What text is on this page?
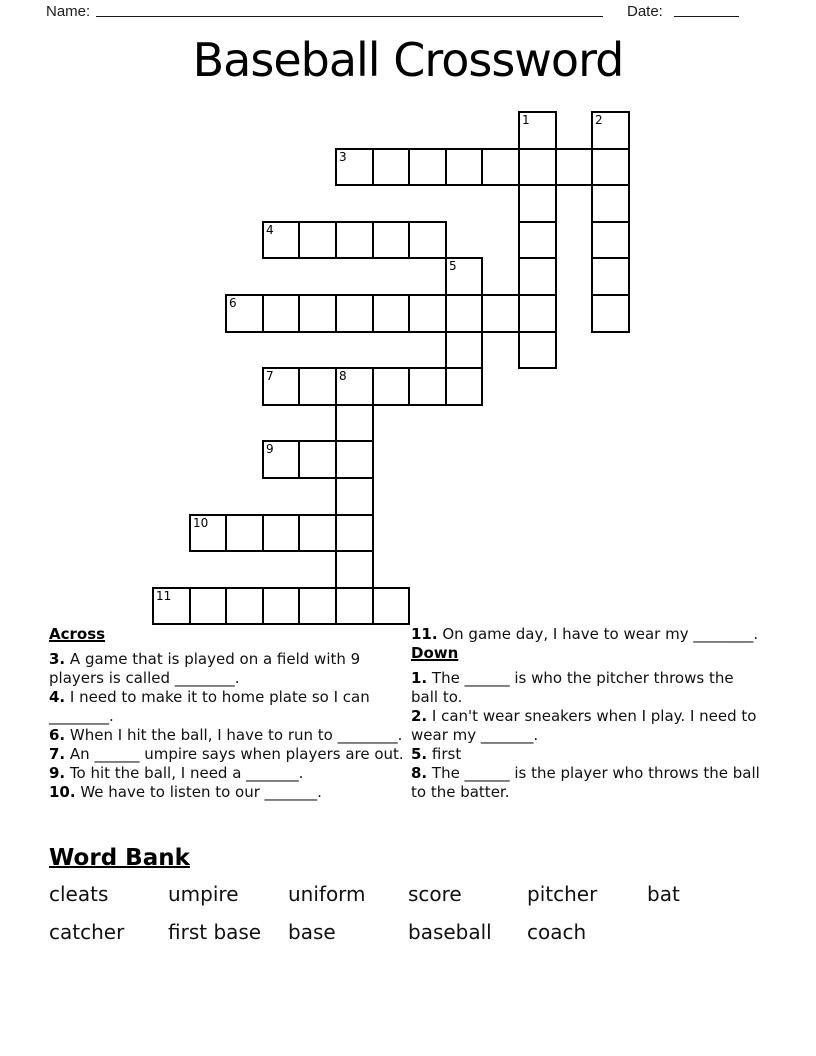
Name:	Date:
Baseball Crossword
1	2
3
4
5
6
7	8
9
10
11
Across
3. A game that is played on a field with 9 players is called ________.
4. I need to make it to home plate so I can ________.
6. When I hit the ball, I have to run to ________.
7. An ______ umpire says when players are out.
9. To hit the ball, I need a _______.
10. We have to listen to our _______.
11. On game day, I have to wear my ________.
Down
1. The ______ is who the pitcher throws the ball to.
2. I can't wear sneakers when I play. I need to wear my _______.
5. first
8. The ______ is the player who throws the ball to the batter.
Word Bank
cleats	umpire	uniform	score	pitcher	bat
catcher	first base	base	baseball	coach
